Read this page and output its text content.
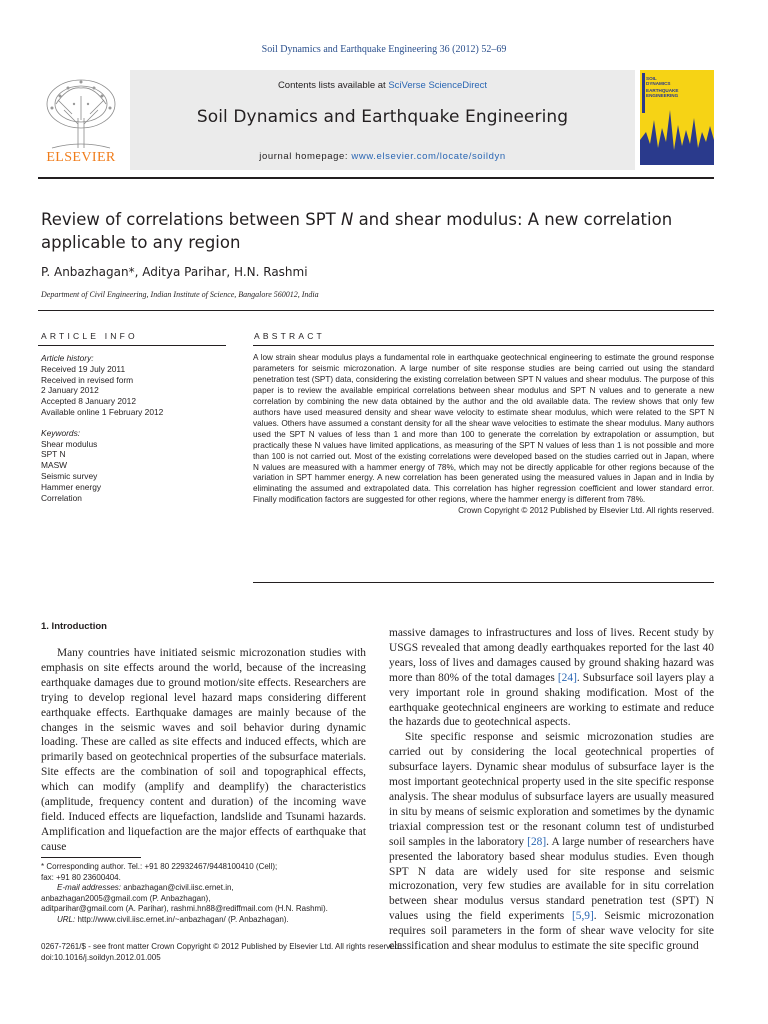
Soil Dynamics and Earthquake Engineering 36 (2012) 52–69
Contents lists available at SciVerse ScienceDirect
Soil Dynamics and Earthquake Engineering
journal homepage: www.elsevier.com/locate/soildyn
ELSEVIER
SOIL
DYNAMICS
EARTHQUAKE
ENGINEERING
Review of correlations between SPT N and shear modulus: A new correlation applicable to any region
P. Anbazhagan*, Aditya Parihar, H.N. Rashmi
Department of Civil Engineering, Indian Institute of Science, Bangalore 560012, India
ARTICLE INFO	ABSTRACT
Article history:
Received 19 July 2011
Received in revised form
2 January 2012
Accepted 8 January 2012
Available online 1 February 2012
Keywords:
Shear modulus
SPT N
MASW
Seismic survey
Hammer energy
Correlation
A low strain shear modulus plays a fundamental role in earthquake geotechnical engineering to estimate the ground response parameters for seismic microzonation. A large number of site response studies are being carried out using the standard penetration test (SPT) data, considering the existing correlation between SPT N values and shear modulus. The purpose of this paper is to review the available empirical correlations between shear modulus and SPT N values and to generate a new correlation by combining the new data obtained by the author and the old available data. The review shows that only few authors have used measured density and shear wave velocity to estimate shear modulus, which were related to the SPT N values. Others have assumed a constant density for all the shear wave velocities to estimate the shear modulus. Many authors used the SPT N values of less than 1 and more than 100 to generate the correlation by extrapolation or assumption, but practically these N values have limited applications, as measuring of the SPT N values of less than 1 is not possible and more than 100 is not carried out. Most of the existing correlations were developed based on the studies carried out in Japan, where N values are measured with a hammer energy of 78%, which may not be directly applicable for other regions because of the variation in SPT hammer energy. A new correlation has been generated using the measured values in Japan and in India by eliminating the assumed and extrapolated data. This correlation has higher regression coefficient and lower standard error. Finally modification factors are suggested for other regions, where the hammer energy is different from 78%.
Crown Copyright © 2012 Published by Elsevier Ltd. All rights reserved.
1. Introduction

Many countries have initiated seismic microzonation studies with emphasis on site effects around the world, because of the increasing earthquake damages due to ground motion/site effects. Researchers are trying to develop regional level hazard maps considering different earthquake effects. Earthquake damages are mainly because of the changes in the seismic waves and soil behavior during dynamic loading. These are called as site effects and induced effects, which are primarily based on geotechnical properties of the subsurface materials. Site effects are the combination of soil and topographical effects, which can modify (amplify and deamplify) the characteristics (amplitude, frequency content and duration) of the incoming wave field. Induced effects are liquefaction, landslide and Tsunami hazards. Amplification and liquefaction are the major effects of earthquake that cause

massive damages to infrastructures and loss of lives. Recent study by USGS revealed that among deadly earthquakes reported for the last 40 years, loss of lives and damages caused by ground shaking hazard was more than 80% of the total damages [24]. Subsurface soil layers play a very important role in ground shaking modification. Most of the earthquake geotechnical engineers are working to estimate and reduce the hazards due to geotechnical aspects.

Site specific response and seismic microzonation studies are carried out by considering the local geotechnical properties of subsurface layers. Dynamic shear modulus of subsurface layer is the most important geotechnical property used in the site specific response analysis. The shear modulus of subsurface layers are usually measured in situ by means of seismic exploration and sometimes by the dynamic triaxial compression test or the resonant column test of undisturbed soil samples in the laboratory [28]. A large number of researchers have presented the laboratory based shear modulus studies. Even though SPT N data are widely used for site response and seismic microzonation, very few studies are available for in situ correlation between shear modulus versus standard penetration test (SPT) N values using the field experiments [5,9]. Seismic microzonation requires soil parameters in the form of shear wave velocity for site classification and shear modulus to estimate the site specific ground

* Corresponding author. Tel.: +91 80 22932467/9448100410 (Cell);
fax: +91 80 23600404.
E-mail addresses: anbazhagan@civil.iisc.ernet.in,
anbazhagan2005@gmail.com (P. Anbazhagan),
aditparihar@gmail.com (A. Parihar), rashmi.hn88@rediffmail.com (H.N. Rashmi).
URL: http://www.civil.iisc.ernet.in/~anbazhagan/ (P. Anbazhagan).
0267-7261/$ - see front matter Crown Copyright © 2012 Published by Elsevier Ltd. All rights reserved.
doi:10.1016/j.soildyn.2012.01.005
